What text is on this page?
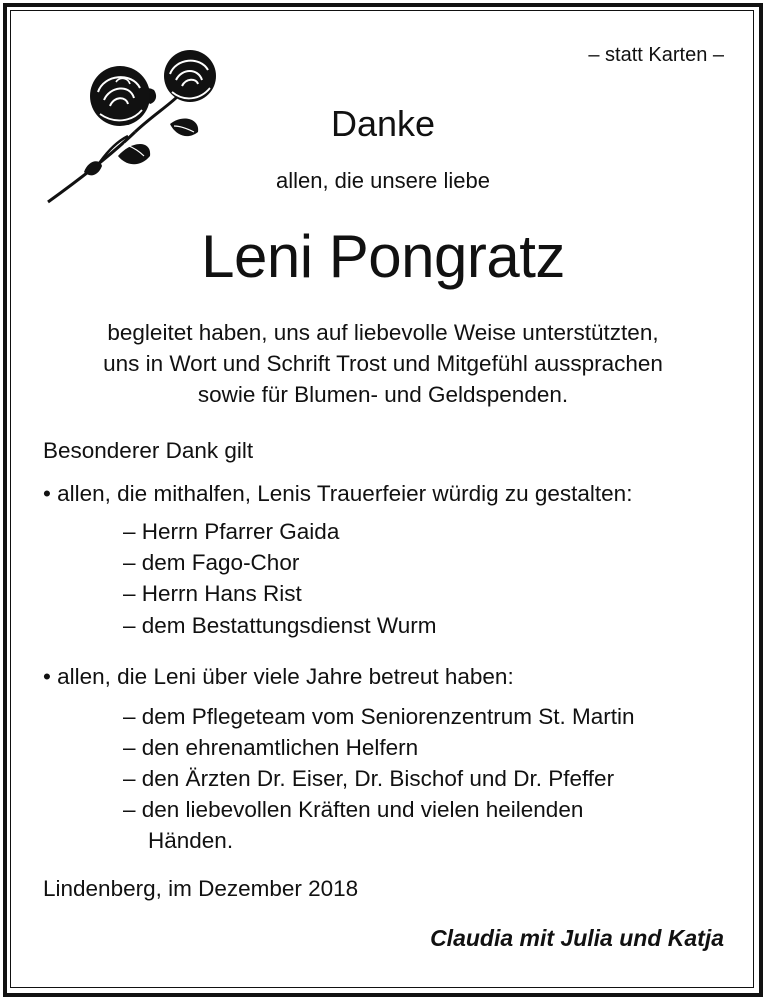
– statt Karten –
Danke
allen, die unsere liebe
Leni Pongratz
begleitet haben, uns auf liebevolle Weise unterstützten,
uns in Wort und Schrift Trost und Mitgefühl aussprachen
sowie für Blumen- und Geldspenden.
Besonderer Dank gilt
• allen, die mithalfen, Lenis Trauerfeier würdig zu gestalten:
– Herrn Pfarrer Gaida
– dem Fago-Chor
– Herrn Hans Rist
– dem Bestattungsdienst Wurm
• allen, die Leni über viele Jahre betreut haben:
– dem Pflegeteam vom Seniorenzentrum St. Martin
– den ehrenamtlichen Helfern
– den Ärzten Dr. Eiser, Dr. Bischof und Dr. Pfeffer
– den liebevollen Kräften und vielen heilenden
Händen.
Lindenberg, im Dezember 2018
Claudia mit Julia und Katja
